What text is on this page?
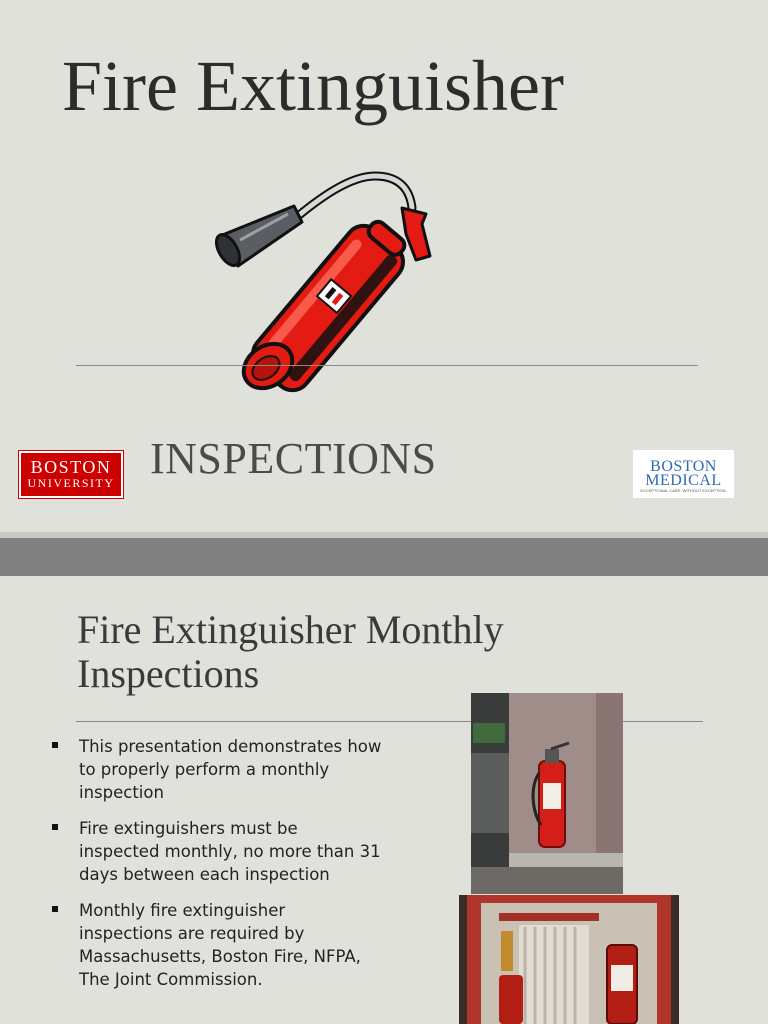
Fire Extinguisher
BOSTON
UNIVERSITY INSPECTIONS	BOSTON
MEDICAL
EXCEPTIONAL CARE. WITHOUT EXCEPTION.
Fire Extinguisher Monthly Inspections
This presentation demonstrates how to properly perform a monthly inspection
Fire extinguishers must be inspected monthly, no more than 31 days between each inspection
Monthly fire extinguisher inspections are required by Massachusetts, Boston Fire, NFPA, The Joint Commission.
